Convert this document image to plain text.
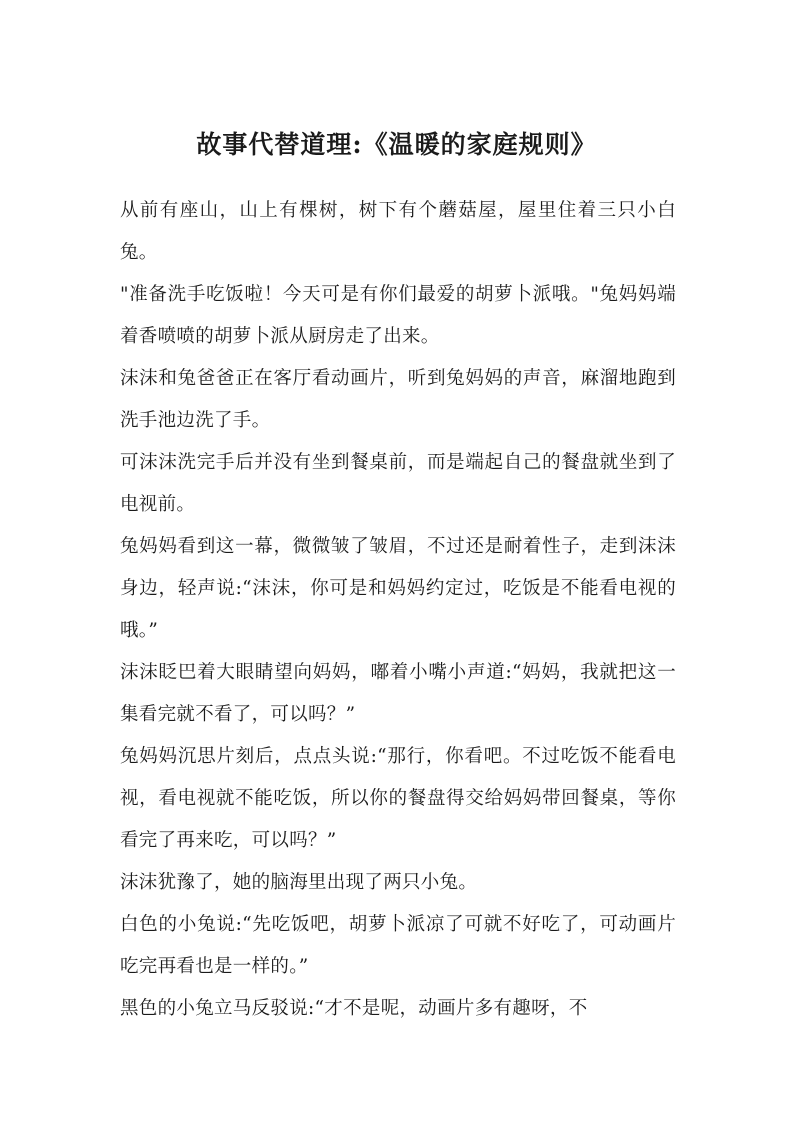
故事代替道理:《温暖的家庭规则》

从前有座山，山上有棵树，树下有个蘑菇屋，屋里住着三只小白兔。

"准备洗手吃饭啦！今天可是有你们最爱的胡萝卜派哦。"兔妈妈端着香喷喷的胡萝卜派从厨房走了出来。

沫沫和兔爸爸正在客厅看动画片，听到兔妈妈的声音，麻溜地跑到洗手池边洗了手。

可沫沫洗完手后并没有坐到餐桌前，而是端起自己的餐盘就坐到了电视前。

兔妈妈看到这一幕，微微皱了皱眉，不过还是耐着性子，走到沫沫身边，轻声说:“沫沫，你可是和妈妈约定过，吃饭是不能看电视的哦。”

沫沫眨巴着大眼睛望向妈妈，嘟着小嘴小声道:“妈妈，我就把这一集看完就不看了，可以吗？”

兔妈妈沉思片刻后，点点头说:“那行，你看吧。不过吃饭不能看电视，看电视就不能吃饭，所以你的餐盘得交给妈妈带回餐桌，等你看完了再来吃，可以吗？”

沫沫犹豫了，她的脑海里出现了两只小兔。

白色的小兔说:“先吃饭吧，胡萝卜派凉了可就不好吃了，可动画片吃完再看也是一样的。”

黑色的小兔立马反驳说:“才不是呢，动画片多有趣呀，不
